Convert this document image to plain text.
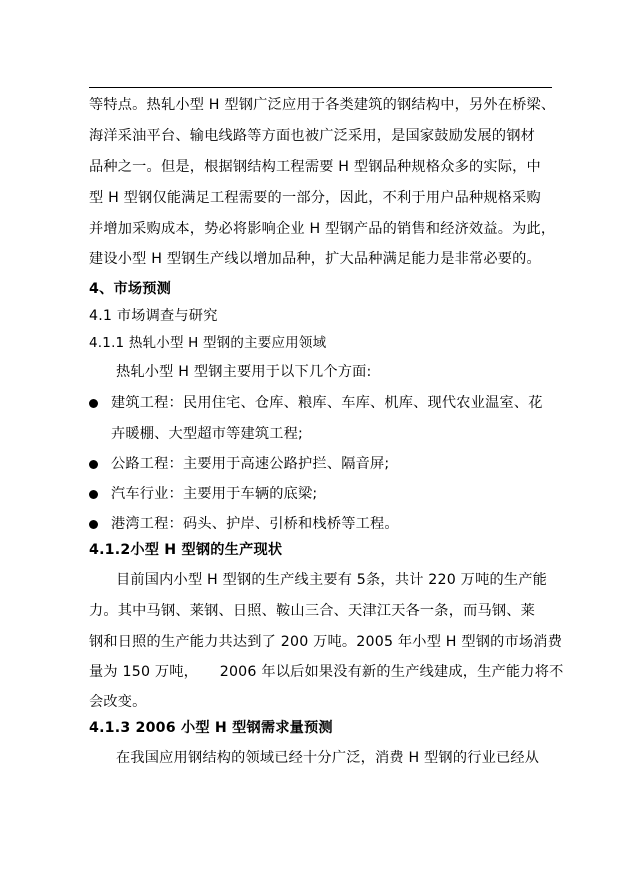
等特点。热轧小型 H 型钢广泛应用于各类建筑的钢结构中，另外在桥梁、
海洋采油平台、输电线路等方面也被广泛采用，是国家鼓励发展的钢材
品种之一。但是，根据钢结构工程需要 H 型钢品种规格众多的实际，中
型 H 型钢仅能满足工程需要的一部分，因此，不利于用户品种规格采购
并增加采购成本，势必将影响企业 H 型钢产品的销售和经济效益。为此，
建设小型 H 型钢生产线以增加品种，扩大品种满足能力是非常必要的。
4、市场预测
4.1 市场调查与研究
4.1.1 热轧小型 H 型钢的主要应用领域
热轧小型 H 型钢主要用于以下几个方面:
建筑工程：民用住宅、仓库、粮库、车库、机库、现代农业温室、花
卉暖棚、大型超市等建筑工程;
公路工程：主要用于高速公路护拦、隔音屏;
汽车行业：主要用于车辆的底梁;
港湾工程：码头、护岸、引桥和栈桥等工程。
4.1.2小型 H 型钢的生产现状
目前国内小型 H 型钢的生产线主要有 5条，共计 220 万吨的生产能
力。其中马钢、莱钢、日照、鞍山三合、天津江天各一条，而马钢、莱
钢和日照的生产能力共达到了 200 万吨。2005 年小型 H 型钢的市场消费
量为 150 万吨，　　2006 年以后如果没有新的生产线建成，生产能力将不
会改变。
4.1.3 2006 小型 H 型钢需求量预测
在我国应用钢结构的领域已经十分广泛，消费 H 型钢的行业已经从
